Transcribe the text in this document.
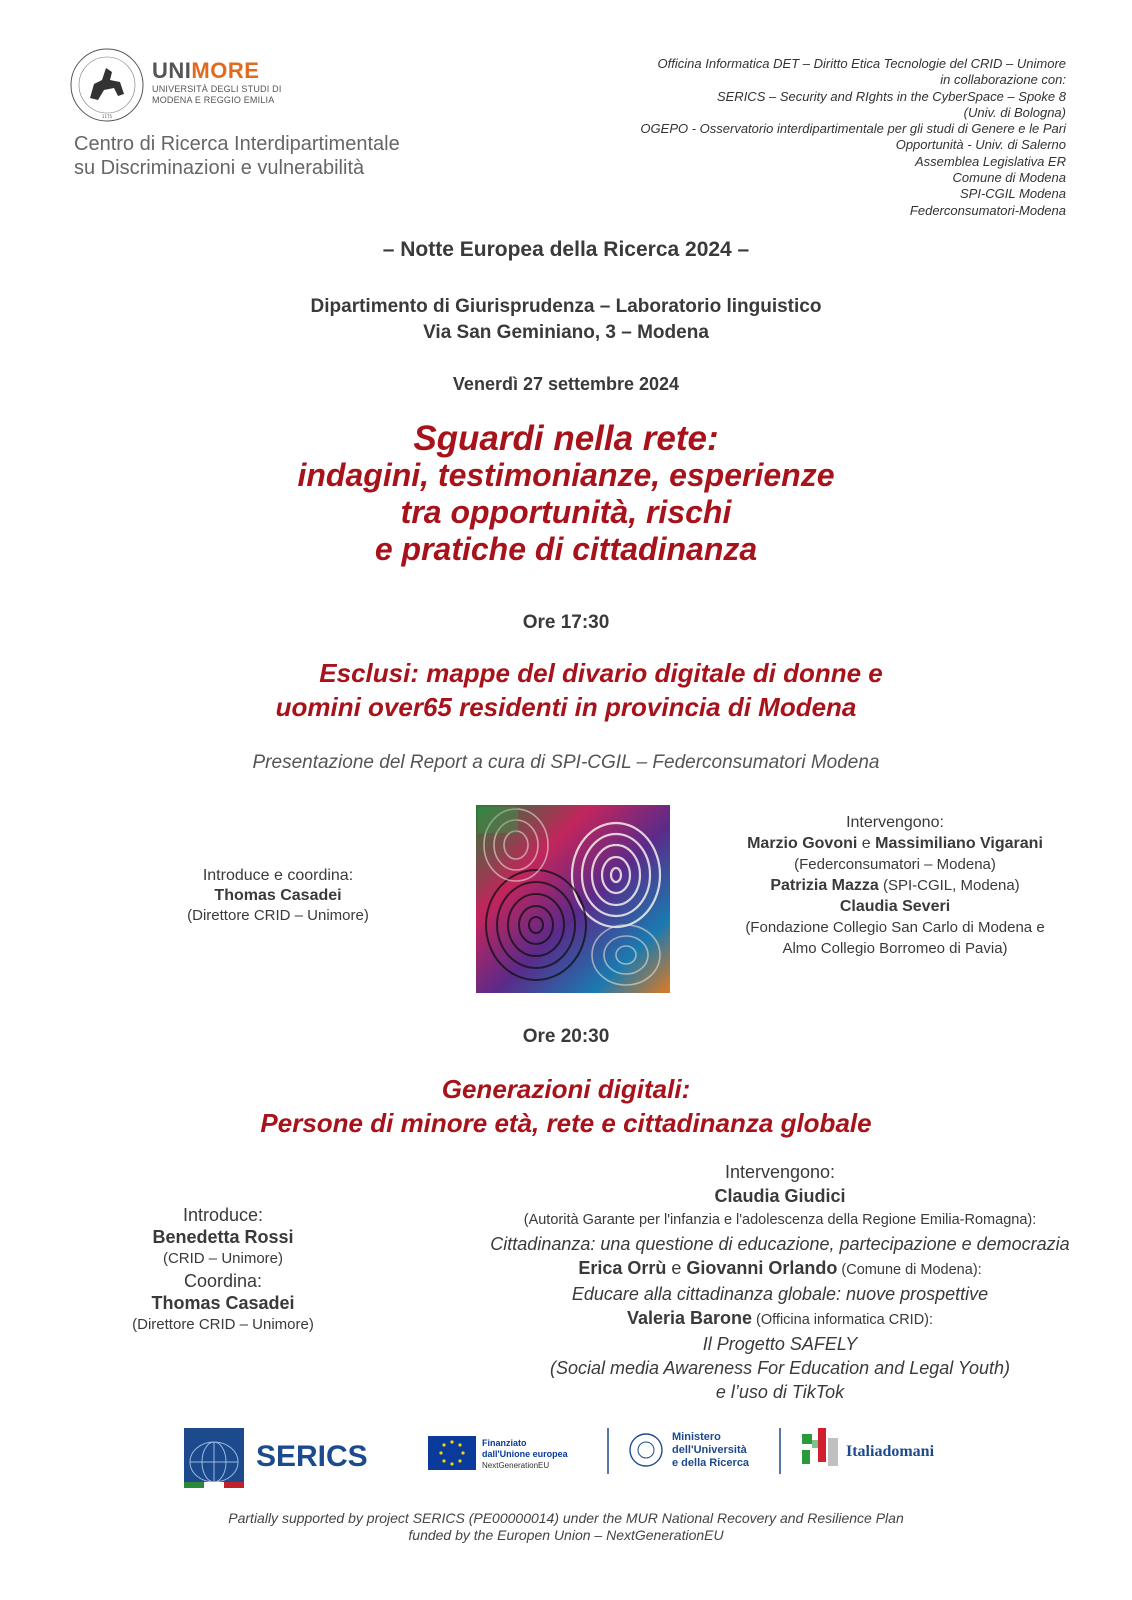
1175
UNIMORE
UNIVERSITÀ DEGLI STUDI DI
MODENA E REGGIO EMILIA
Centro di Ricerca Interdipartimentale
su Discriminazioni e vulnerabilità
Officina Informatica DET – Diritto Etica Tecnologie del CRID – Unimore
in collaborazione con:
SERICS – Security and RIghts in the CyberSpace – Spoke 8
(Univ. di Bologna)
OGEPO - Osservatorio interdipartimentale per gli studi di Genere e le Pari
Opportunità - Univ. di Salerno
Assemblea Legislativa ER
Comune di Modena
SPI-CGIL Modena
Federconsumatori-Modena
– Notte Europea della Ricerca 2024 –
Dipartimento di Giurisprudenza – Laboratorio linguistico
Via San Geminiano, 3 – Modena
Venerdì 27 settembre 2024
Sguardi nella rete:
indagini, testimonianze, esperienze
tra opportunità, rischi
e pratiche di cittadinanza
Ore 17:30
Esclusi: mappe del divario digitale di donne e
uomini over65 residenti in provincia di Modena
Presentazione del Report a cura di SPI-CGIL – Federconsumatori Modena
Introduce e coordina:
Thomas Casadei
(Direttore CRID – Unimore)
Intervengono:
Marzio Govoni e Massimiliano Vigarani
(Federconsumatori – Modena)
Patrizia Mazza (SPI-CGIL, Modena)
Claudia Severi
(Fondazione Collegio San Carlo di Modena e
Almo Collegio Borromeo di Pavia)
Ore 20:30
Generazioni digitali:
Persone di minore età, rete e cittadinanza globale
Introduce:
Benedetta Rossi
(CRID – Unimore)
Coordina:
Thomas Casadei
(Direttore CRID – Unimore)
Intervengono:
Claudia Giudici
(Autorità Garante per l'infanzia e l'adolescenza della Regione Emilia-Romagna):
Cittadinanza: una questione di educazione, partecipazione e democrazia
Erica Orrù e Giovanni Orlando (Comune di Modena):
Educare alla cittadinanza globale: nuove prospettive
Valeria Barone (Officina informatica CRID):
Il Progetto SAFELY
(Social media Awareness For Education and Legal Youth)
e l’uso di TikTok
SERICS	Finanziato
dall'Unione europea
NextGenerationEU
Ministero
dell'Università
e della Ricerca
Italiadomani
Partially supported by project SERICS (PE00000014) under the MUR National Recovery and Resilience Plan
funded by the Europen Union – NextGenerationEU
